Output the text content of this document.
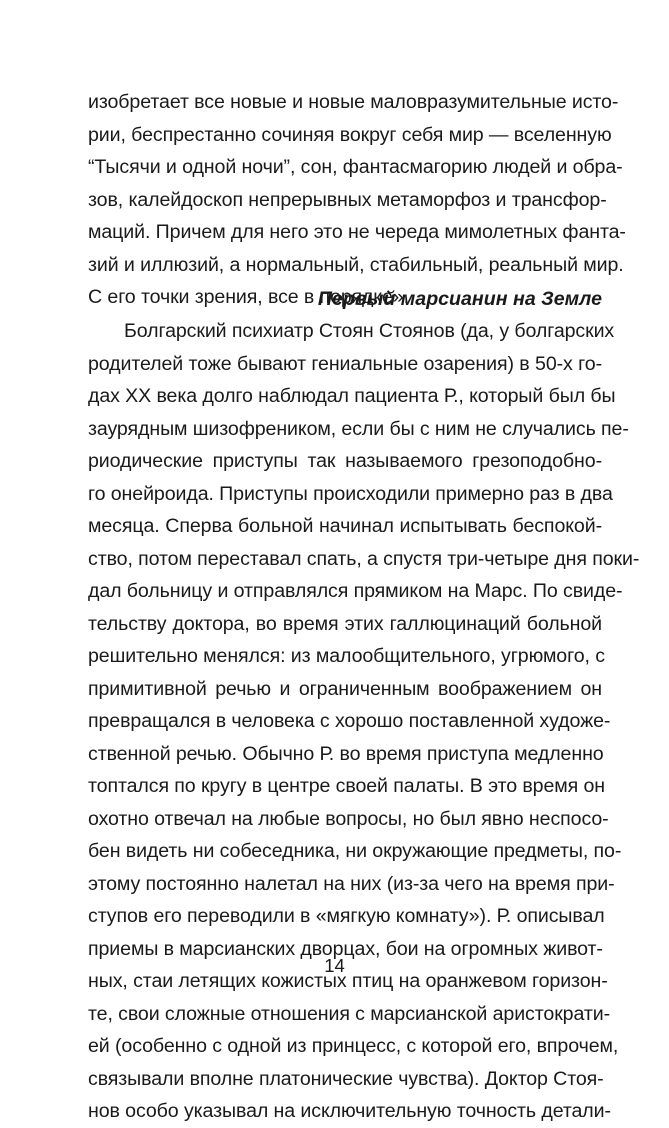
изобретает все новые и новые маловразумительные исто-
рии, беспрестанно сочиняя вокруг себя мир — вселенную
“Тысячи и одной ночи”, сон, фантасмагорию людей и обра-
зов, калейдоскоп непрерывных метаморфоз и трансфор-
маций. Причем для него это не череда мимолетных фанта-
зий и иллюзий, а нормальный, стабильный, реальный мир.
С его точки зрения, все в порядке».
Первый марсианин на Земле
Болгарский психиатр Стоян Стоянов (да, у болгарских
родителей тоже бывают гениальные озарения) в 50-х го-
дах XX века долго наблюдал пациента Р., который был бы
заурядным шизофреником, если бы с ним не случались пе-
риодические приступы так называемого грезоподобно-
го онейроида. Приступы происходили примерно раз в два
месяца. Сперва больной начинал испытывать беспокой-
ство, потом переставал спать, а спустя три-четыре дня поки-
дал больницу и отправлялся прямиком на Марс. По свиде-
тельству доктора, во время этих галлюцинаций больной
решительно менялся: из малообщительного, угрюмого, с
примитивной речью и ограниченным воображением он
превращался в человека с хорошо поставленной художе-
ственной речью. Обычно Р. во время приступа медленно
топтался по кругу в центре своей палаты. В это время он
охотно отвечал на любые вопросы, но был явно неспосо-
бен видеть ни собеседника, ни окружающие предметы, по-
этому постоянно налетал на них (из-за чего на время при-
ступов его переводили в «мягкую комнату»). Р. описывал
приемы в марсианских дворцах, бои на огромных живот-
ных, стаи летящих кожистых птиц на оранжевом горизон-
те, свои сложные отношения с марсианской аристократи-
ей (особенно с одной из принцесс, с которой его, впрочем,
связывали вполне платонические чувства). Доктор Стоя-
нов особо указывал на исключительную точность детали-
14
